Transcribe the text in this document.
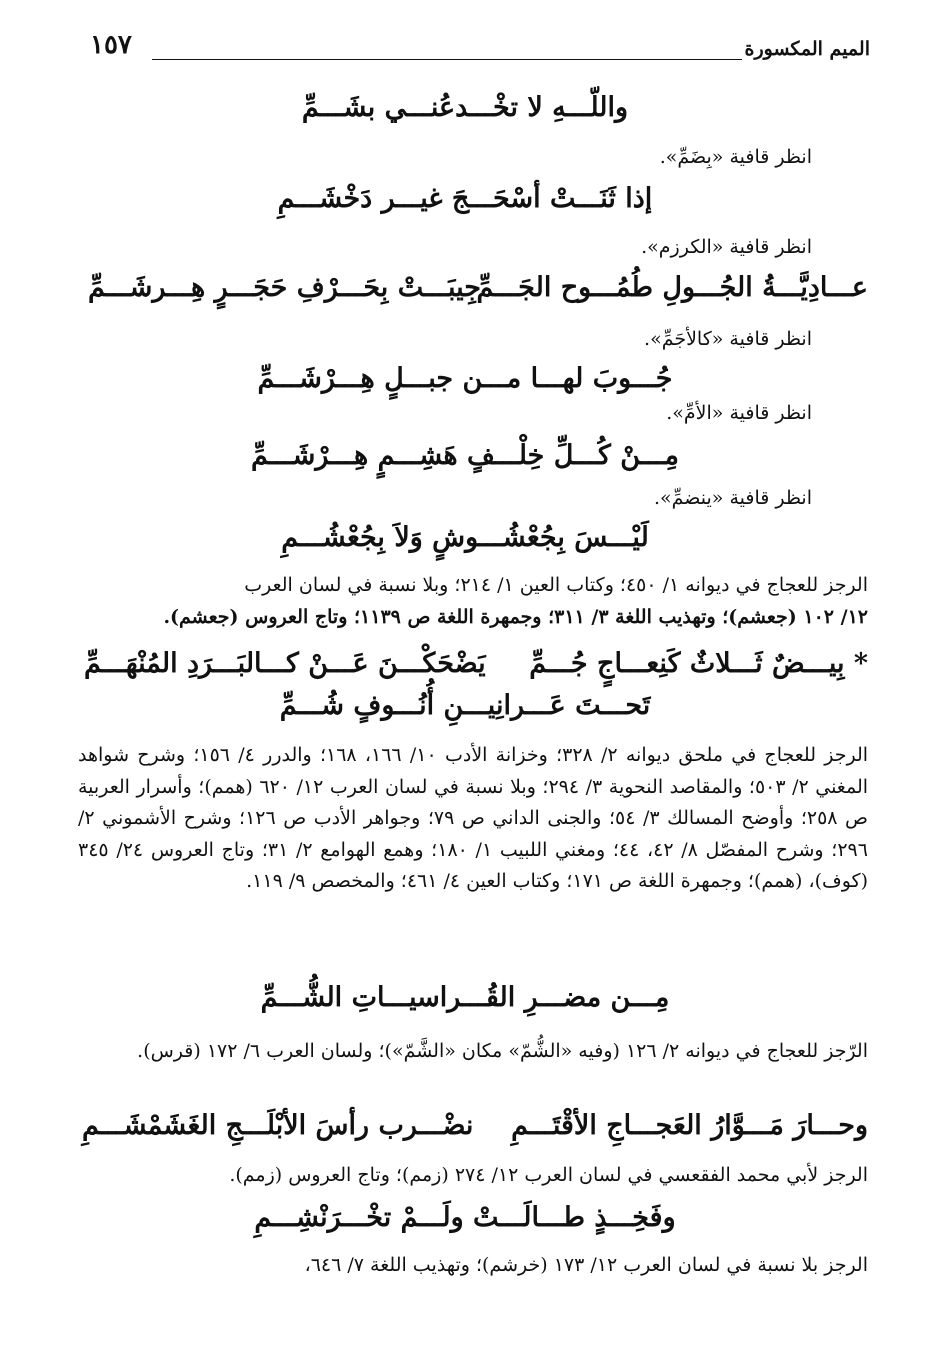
الميم المكسورة
١٥٧
واللّـــهِ لا تخْـــدعُنـــي بشَـــمِّ
انظر قافية «بِضَمِّ».
إذا ثَنَـــتْ أسْحَـــجَ غيـــر دَخْشَـــمِ
انظر قافية «الكرزم».
عـــادِيَّـــةُ الجُـــولِ طُمُـــوح الجَـــمِّ
جِيبَـــتْ بِحَـــرْفِ حَجَـــرٍ هِـــرشَـــمِّ
انظر قافية «كالأجَمِّ».
جُـــوبَ لهـــا مـــن جبـــلٍ هِـــرْشَـــمِّ
انظر قافية «الأمِّ».
مِـــنْ كُـــلِّ خِلْـــفٍ هَشِـــمٍ هِـــرْشَـــمِّ
انظر قافية «ينضمِّ».
لَيْـــسَ بِجُعْشُـــوشٍ وَلاَ بِجُعْشُـــمِ
الرجز للعجاج في ديوانه ١/ ٤٥٠؛ وكتاب العين ١/ ٢١٤؛ وبلا نسبة في لسان العرب
١٢/ ١٠٢ (جعشم)؛ وتهذيب اللغة ٣/ ٣١١؛ وجمهرة اللغة ص ١١٣٩؛ وتاج العروس (جعشم).
* بِيـــضٌ ثَـــلاثٌ كَنِعـــاجٍ جُـــمِّ
يَضْحَكْـــنَ عَـــنْ كـــالبَـــرَدِ المُنْهَـــمِّ
تَحـــتَ عَـــرانِيـــنِ أُنُـــوفٍ شُـــمِّ
الرجز للعجاج في ملحق ديوانه ٢/ ٣٢٨؛ وخزانة الأدب ١٠/ ١٦٦، ١٦٨؛ والدرر ٤/ ١٥٦؛ وشرح شواهد المغني ٢/ ٥٠٣؛ والمقاصد النحوية ٣/ ٢٩٤؛ وبلا نسبة في لسان العرب ١٢/ ٦٢٠ (همم)؛ وأسرار العربية ص ٢٥٨؛ وأوضح المسالك ٣/ ٥٤؛ والجنى الداني ص ٧٩؛ وجواهر الأدب ص ١٢٦؛ وشرح الأشموني ٢/ ٢٩٦؛ وشرح المفصّل ٨/ ٤٢، ٤٤؛ ومغني اللبيب ١/ ١٨٠؛ وهمع الهوامع ٢/ ٣١؛ وتاج العروس ٢٤/ ٣٤٥ (كوف)، (همم)؛ وجمهرة اللغة ص ١٧١؛ وكتاب العين ٤/ ٤٦١؛ والمخصص ٩/ ١١٩.
مِـــن مضـــرِ القُـــراسيـــاتِ الشُّـــمِّ
الرّجز للعجاج في ديوانه ٢/ ١٢٦ (وفيه «الشُّمّ» مكان «الشَّمّ»)؛ ولسان العرب ٦/ ١٧٢ (قرس).
وحـــارَ مَـــوَّارُ العَجـــاجِ الأقْتَـــمِ
نضْـــرب رأسَ الأبْلَـــجِ الغَشَمْشَـــمِ
الرجز لأبي محمد الفقعسي في لسان العرب ١٢/ ٢٧٤ (زمم)؛ وتاج العروس (زمم).
وفَخِـــذٍ طـــالَـــتْ ولَـــمْ تخْـــرَنْشِـــمِ
الرجز بلا نسبة في لسان العرب ١٢/ ١٧٣ (خرشم)؛ وتهذيب اللغة ٧/ ٦٤٦،
